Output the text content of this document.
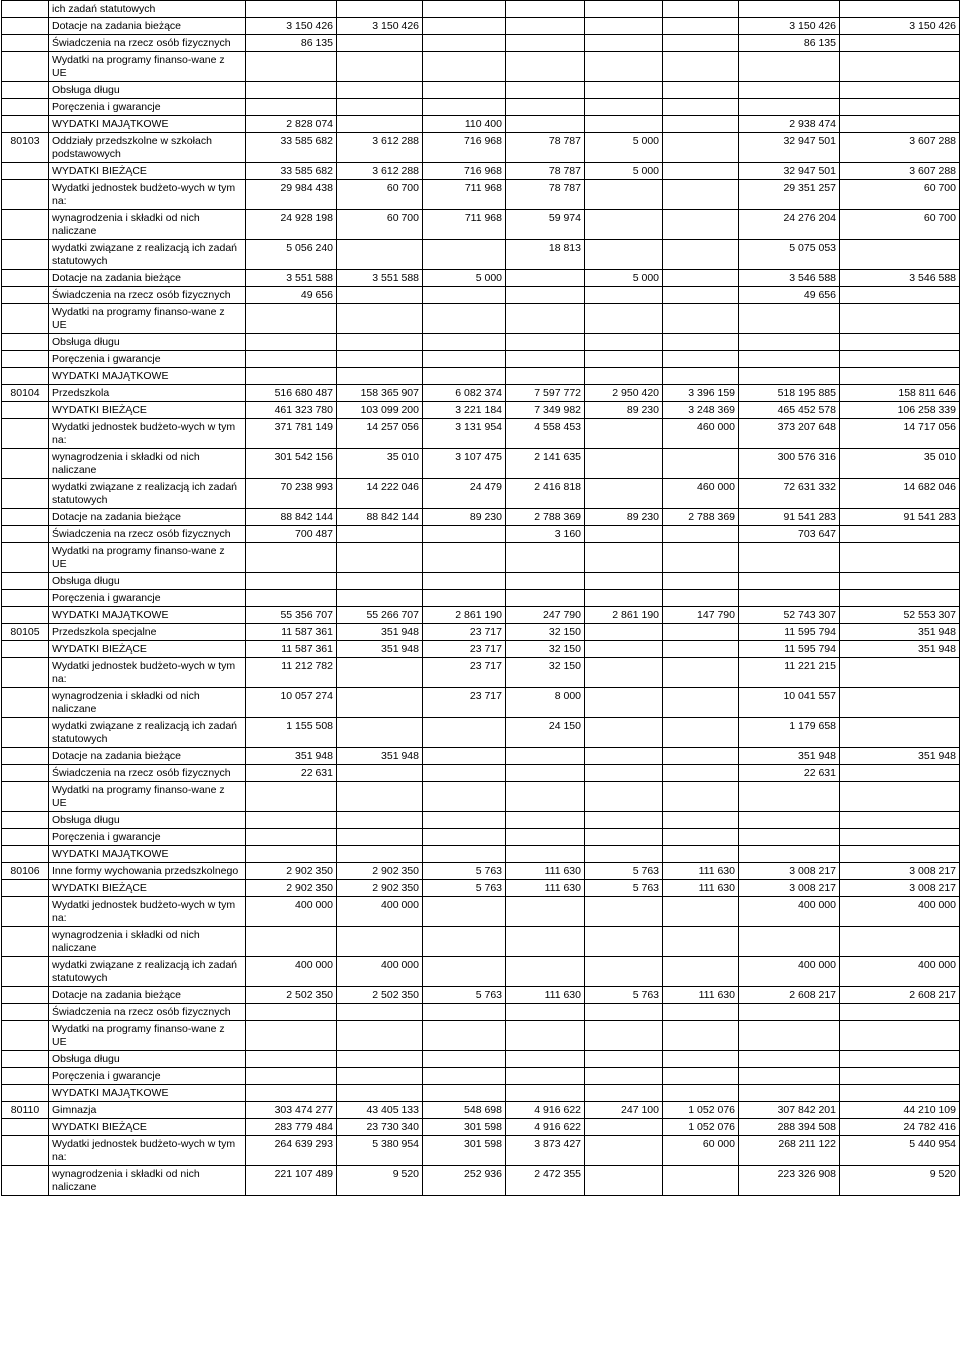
	ich zadań statutowych								
	Dotacje na zadania bieżące	3 150 426	3 150 426					3 150 426	3 150 426
	Świadczenia na rzecz osób fizycznych	86 135						86 135	
	Wydatki na programy finanso-wane z UE								
	Obsługa długu								
	Poręczenia i gwarancje								
	WYDATKI MAJĄTKOWE	2 828 074		110 400				2 938 474	
80103	Oddziały przedszkolne w szkołach podstawowych	33 585 682	3 612 288	716 968	78 787	5 000		32 947 501	3 607 288
	WYDATKI BIEŻĄCE	33 585 682	3 612 288	716 968	78 787	5 000		32 947 501	3 607 288
	Wydatki jednostek budżeto-wych w tym na:	29 984 438	60 700	711 968	78 787			29 351 257	60 700
	wynagrodzenia i składki od nich naliczane	24 928 198	60 700	711 968	59 974			24 276 204	60 700
	wydatki związane z realizacją ich zadań statutowych	5 056 240			18 813			5 075 053	
	Dotacje na zadania bieżące	3 551 588	3 551 588	5 000		5 000		3 546 588	3 546 588
	Świadczenia na rzecz osób fizycznych	49 656						49 656	
	Wydatki na programy finanso-wane z UE								
	Obsługa długu								
	Poręczenia i gwarancje								
	WYDATKI MAJĄTKOWE								
80104	Przedszkola	516 680 487	158 365 907	6 082 374	7 597 772	2 950 420	3 396 159	518 195 885	158 811 646
	WYDATKI BIEŻĄCE	461 323 780	103 099 200	3 221 184	7 349 982	89 230	3 248 369	465 452 578	106 258 339
	Wydatki jednostek budżeto-wych w tym na:	371 781 149	14 257 056	3 131 954	4 558 453		460 000	373 207 648	14 717 056
	wynagrodzenia i składki od nich naliczane	301 542 156	35 010	3 107 475	2 141 635			300 576 316	35 010
	wydatki związane z realizacją ich zadań statutowych	70 238 993	14 222 046	24 479	2 416 818		460 000	72 631 332	14 682 046
	Dotacje na zadania bieżące	88 842 144	88 842 144	89 230	2 788 369	89 230	2 788 369	91 541 283	91 541 283
	Świadczenia na rzecz osób fizycznych	700 487			3 160			703 647	
	Wydatki na programy finanso-wane z UE								
	Obsługa długu								
	Poręczenia i gwarancje								
	WYDATKI MAJĄTKOWE	55 356 707	55 266 707	2 861 190	247 790	2 861 190	147 790	52 743 307	52 553 307
80105	Przedszkola specjalne	11 587 361	351 948	23 717	32 150			11 595 794	351 948
	WYDATKI BIEŻĄCE	11 587 361	351 948	23 717	32 150			11 595 794	351 948
	Wydatki jednostek budżeto-wych w tym na:	11 212 782		23 717	32 150			11 221 215	
	wynagrodzenia i składki od nich naliczane	10 057 274		23 717	8 000			10 041 557	
	wydatki związane z realizacją ich zadań statutowych	1 155 508			24 150			1 179 658	
	Dotacje na zadania bieżące	351 948	351 948					351 948	351 948
	Świadczenia na rzecz osób fizycznych	22 631						22 631	
	Wydatki na programy finanso-wane z UE								
	Obsługa długu								
	Poręczenia i gwarancje								
	WYDATKI MAJĄTKOWE								
80106	Inne formy wychowania przedszkolnego	2 902 350	2 902 350	5 763	111 630	5 763	111 630	3 008 217	3 008 217
	WYDATKI BIEŻĄCE	2 902 350	2 902 350	5 763	111 630	5 763	111 630	3 008 217	3 008 217
	Wydatki jednostek budżeto-wych w tym na:	400 000	400 000					400 000	400 000
	wynagrodzenia i składki od nich naliczane								
	wydatki związane z realizacją ich zadań statutowych	400 000	400 000					400 000	400 000
	Dotacje na zadania bieżące	2 502 350	2 502 350	5 763	111 630	5 763	111 630	2 608 217	2 608 217
	Świadczenia na rzecz osób fizycznych								
	Wydatki na programy finanso-wane z UE								
	Obsługa długu								
	Poręczenia i gwarancje								
	WYDATKI MAJĄTKOWE								
80110	Gimnazja	303 474 277	43 405 133	548 698	4 916 622	247 100	1 052 076	307 842 201	44 210 109
	WYDATKI BIEŻĄCE	283 779 484	23 730 340	301 598	4 916 622		1 052 076	288 394 508	24 782 416
	Wydatki jednostek budżeto-wych w tym na:	264 639 293	5 380 954	301 598	3 873 427		60 000	268 211 122	5 440 954
	wynagrodzenia i składki od nich naliczane	221 107 489	9 520	252 936	2 472 355			223 326 908	9 520
